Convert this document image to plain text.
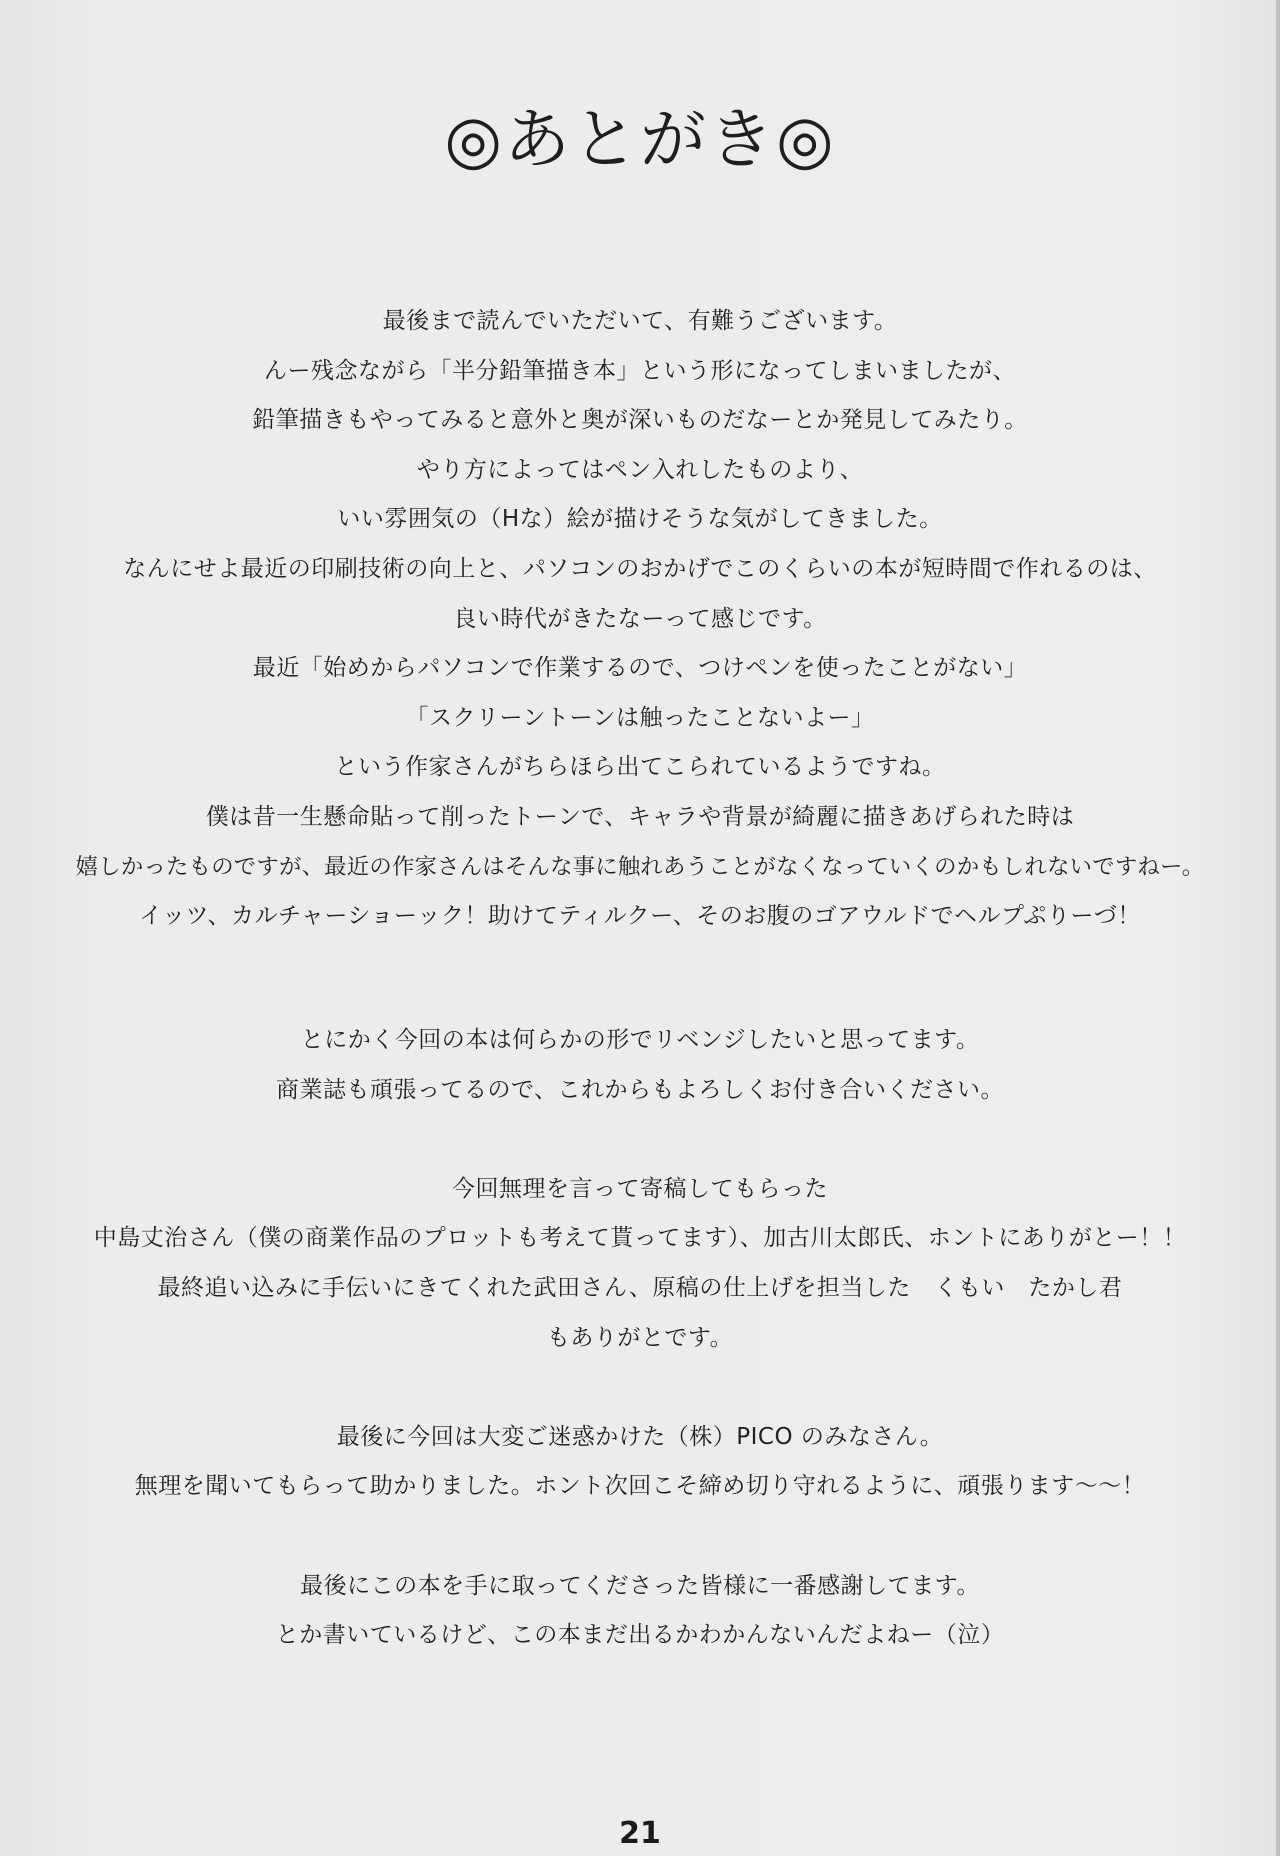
◎あとがき◎
最後まで読んでいただいて、有難うございます。
んー残念ながら「半分鉛筆描き本」という形になってしまいましたが、
鉛筆描きもやってみると意外と奥が深いものだなーとか発見してみたり。
やり方によってはペン入れしたものより、
いい雰囲気の（Hな）絵が描けそうな気がしてきました。
なんにせよ最近の印刷技術の向上と、パソコンのおかげでこのくらいの本が短時間で作れるのは、
良い時代がきたなーって感じです。
最近「始めからパソコンで作業するので、つけペンを使ったことがない」
「スクリーントーンは触ったことないよー」
という作家さんがちらほら出てこられているようですね。
僕は昔一生懸命貼って削ったトーンで、キャラや背景が綺麗に描きあげられた時は
嬉しかったものですが、最近の作家さんはそんな事に触れあうことがなくなっていくのかもしれないですねー。
イッツ、カルチャーショーック！助けてティルクー、そのお腹のゴアウルドでヘルプぷりーづ！
とにかく今回の本は何らかの形でリベンジしたいと思ってます。
商業誌も頑張ってるので、これからもよろしくお付き合いください。
今回無理を言って寄稿してもらった
中島丈治さん（僕の商業作品のプロットも考えて貰ってます）、加古川太郎氏、ホントにありがとー！！
最終追い込みに手伝いにきてくれた武田さん、原稿の仕上げを担当した　くもい　たかし君
もありがとです。
最後に今回は大変ご迷惑かけた（株）PICO のみなさん。
無理を聞いてもらって助かりました。ホント次回こそ締め切り守れるように、頑張ります〜〜！
最後にこの本を手に取ってくださった皆様に一番感謝してます。
とか書いているけど、この本まだ出るかわかんないんだよねー（泣）
21
